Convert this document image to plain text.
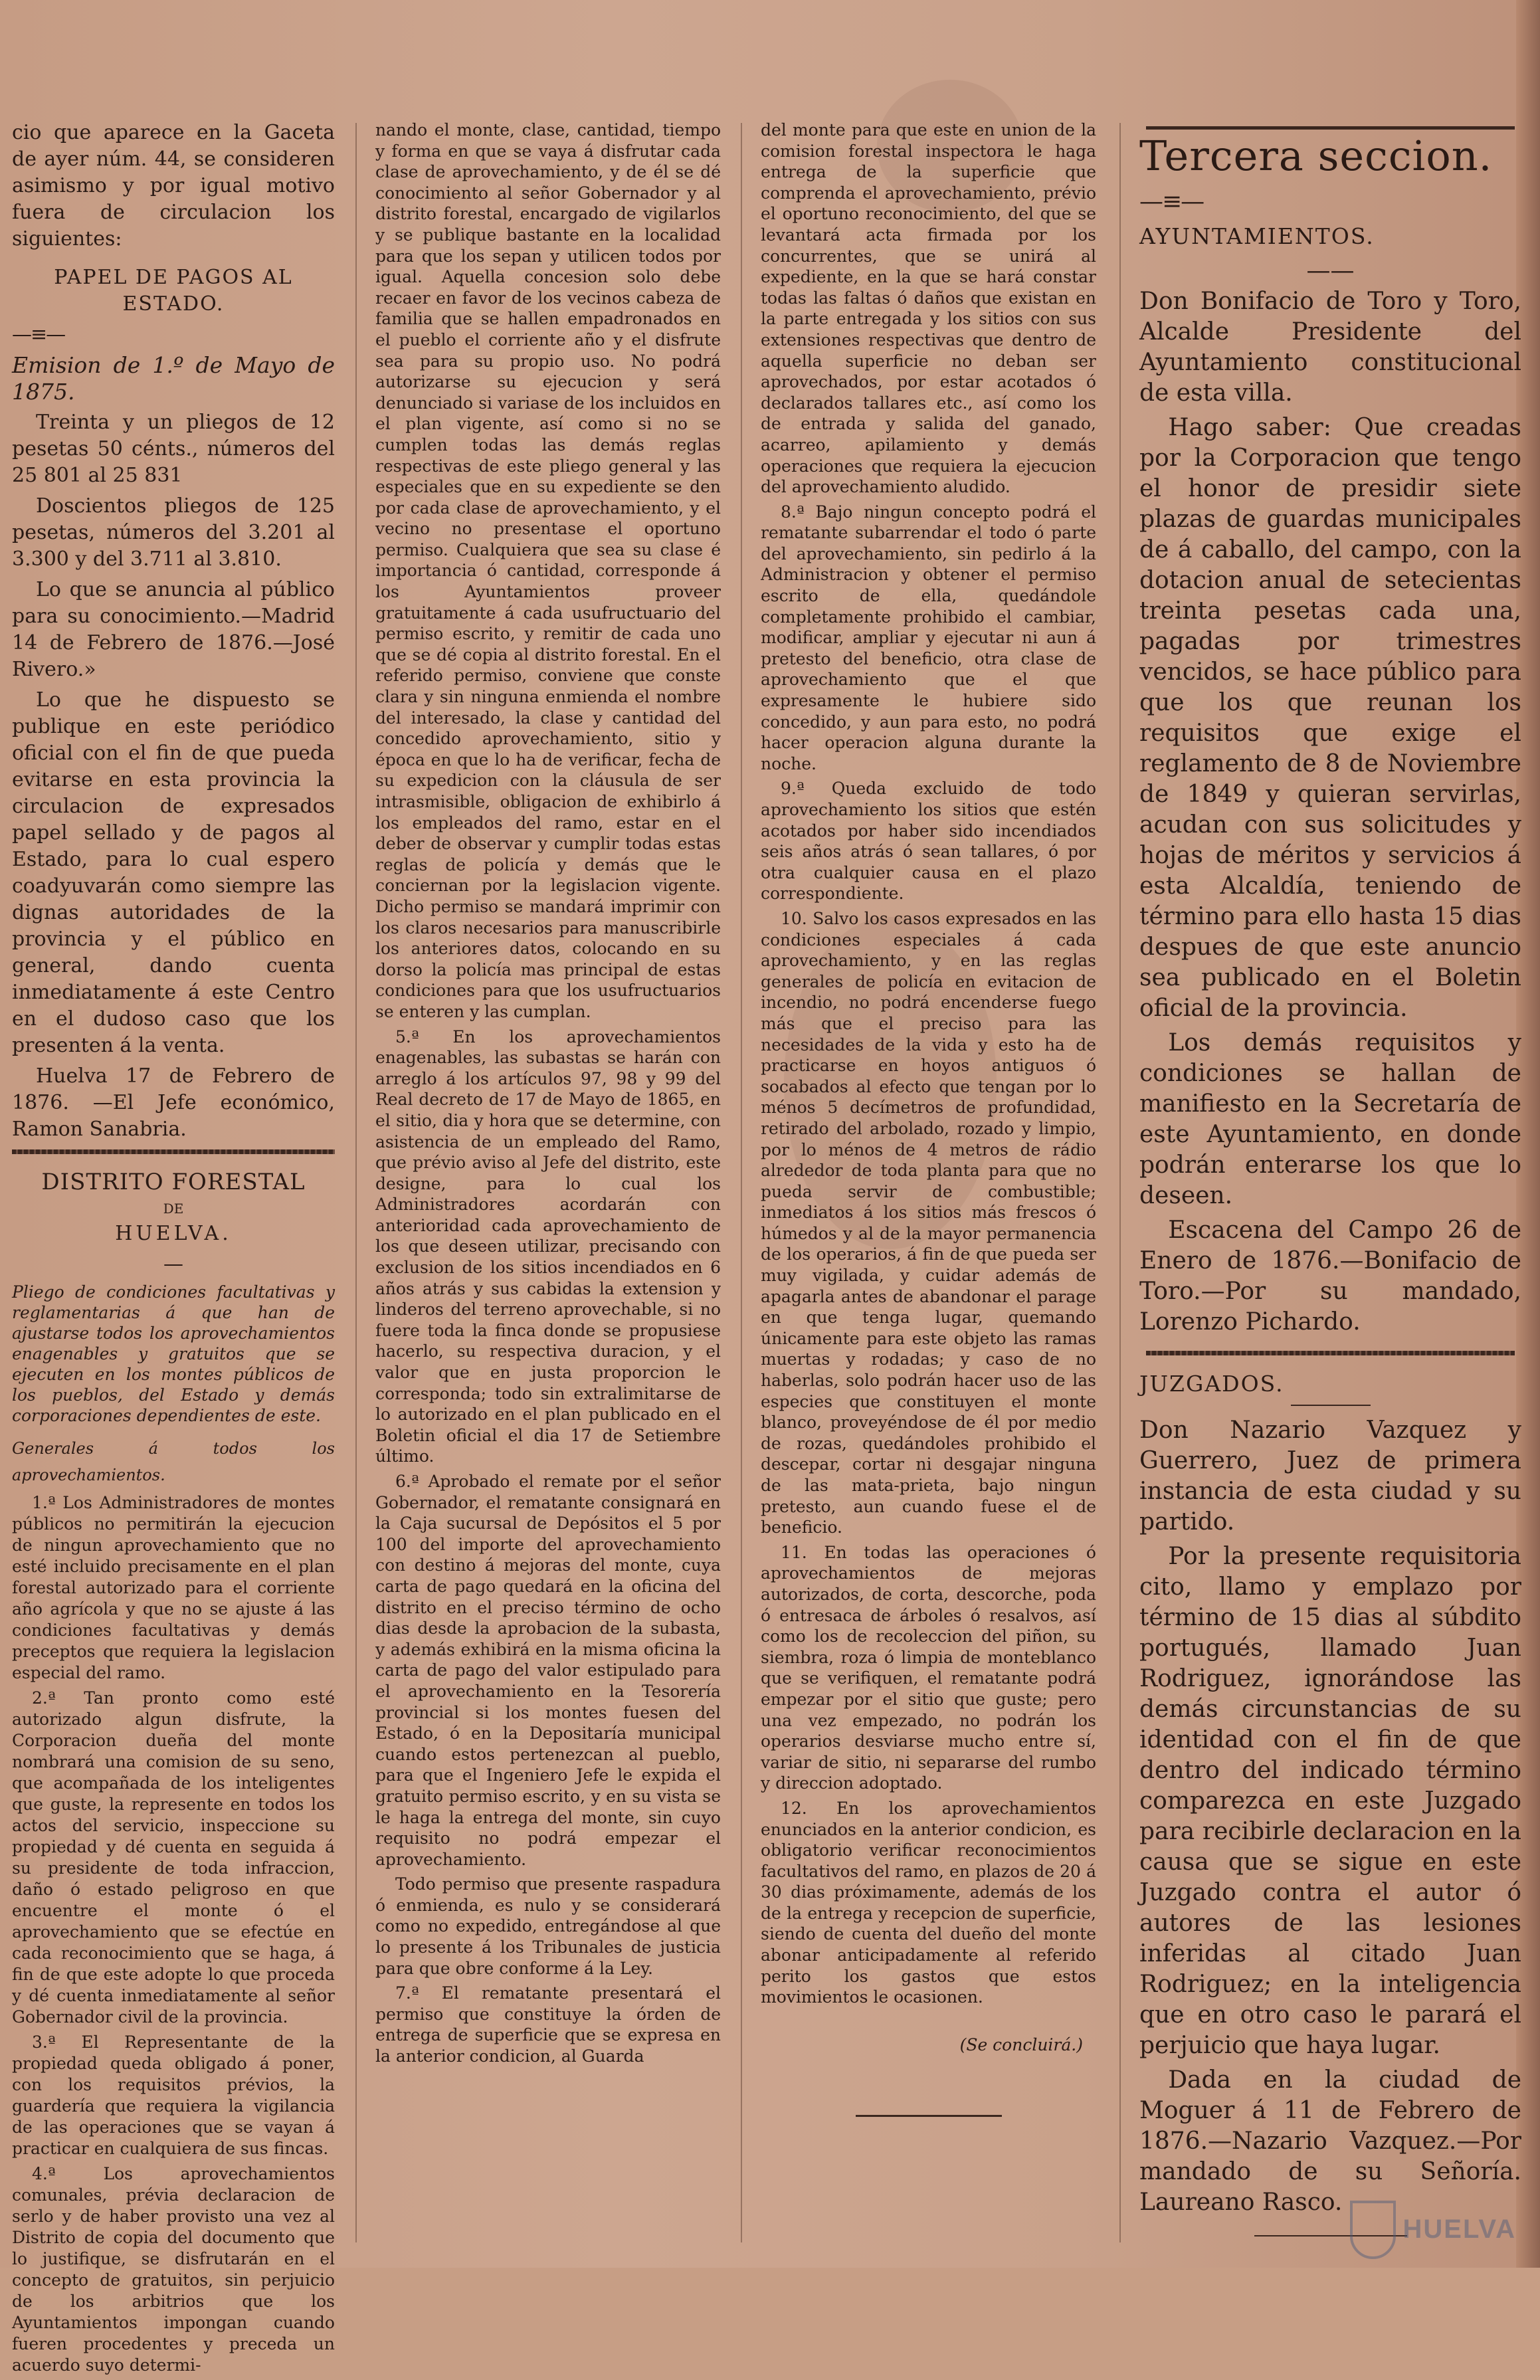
cio que aparece en la Gaceta de ayer núm. 44, se consideren asimismo y por igual motivo fuera de circulacion los siguientes:

PAPEL DE PAGOS AL ESTADO.

—≡—

Emision de 1.º de Mayo de 1875.

Treinta y un pliegos de 12 pesetas 50 cénts., números del 25 801 al 25 831

Doscientos pliegos de 125 pesetas, números del 3.201 al 3.300 y del 3.711 al 3.810.

Lo que se anuncia al público para su conocimiento.—Madrid 14 de Febrero de 1876.—José Rivero.»

Lo que he dispuesto se publique en este periódico oficial con el fin de que pueda evitarse en esta provincia la circulacion de expresados papel sellado y de pagos al Estado, para lo cual espero coadyuvarán como siempre las dignas autoridades de la provincia y el público en general, dando cuenta inmediatamente á este Centro en el dudoso caso que los presenten á la venta.

Huelva 17 de Febrero de 1876. —El Jefe económico, Ramon Sanabria.

DISTRITO FORESTAL

DE

HUELVA.

—

Pliego de condiciones facultativas y reglamentarias á que han de ajustarse todos los aprovechamientos enagenables y gratuitos que se ejecuten en los montes públicos de los pueblos, del Estado y demás corporaciones dependientes de este.

Generales á todos los aprovechamientos.

1.ª Los Administradores de montes públicos no permitirán la ejecucion de ningun aprovechamiento que no esté incluido precisamente en el plan forestal autorizado para el corriente año agrícola y que no se ajuste á las condiciones facultativas y demás preceptos que requiera la legislacion especial del ramo.

2.ª Tan pronto como esté autorizado algun disfrute, la Corporacion dueña del monte nombrará una comision de su seno, que acompañada de los inteligentes que guste, la represente en todos los actos del servicio, inspeccione su propiedad y dé cuenta en seguida á su presidente de toda infraccion, daño ó estado peligroso en que encuentre el monte ó el aprovechamiento que se efectúe en cada reconocimiento que se haga, á fin de que este adopte lo que proceda y dé cuenta inmediatamente al señor Gobernador civil de la provincia.

3.ª El Representante de la propiedad queda obligado á poner, con los requisitos prévios, la guardería que requiera la vigilancia de las operaciones que se vayan á practicar en cualquiera de sus fincas.

4.ª Los aprovechamientos comunales, prévia declaracion de serlo y de haber provisto una vez al Distrito de copia del documento que lo justifique, se disfrutarán en el concepto de gratuitos, sin perjuicio de los arbitrios que los Ayuntamientos impongan cuando fueren procedentes y preceda un acuerdo suyo determi-

nando el monte, clase, cantidad, tiempo y forma en que se vaya á disfrutar cada clase de aprovechamiento, y de él se dé conocimiento al señor Gobernador y al distrito forestal, encargado de vigilarlos y se publique bastante en la localidad para que los sepan y utilicen todos por igual. Aquella concesion solo debe recaer en favor de los vecinos cabeza de familia que se hallen empadronados en el pueblo el corriente año y el disfrute sea para su propio uso. No podrá autorizarse su ejecucion y será denunciado si variase de los incluidos en el plan vigente, así como si no se cumplen todas las demás reglas respectivas de este pliego general y las especiales que en su expediente se den por cada clase de aprovechamiento, y el vecino no presentase el oportuno permiso. Cualquiera que sea su clase é importancia ó cantidad, corresponde á los Ayuntamientos proveer gratuitamente á cada usufructuario del permiso escrito, y remitir de cada uno que se dé copia al distrito forestal. En el referido permiso, conviene que conste clara y sin ninguna enmienda el nombre del interesado, la clase y cantidad del concedido aprovechamiento, sitio y época en que lo ha de verificar, fecha de su expedicion con la cláusula de ser intrasmisible, obligacion de exhibirlo á los empleados del ramo, estar en el deber de observar y cumplir todas estas reglas de policía y demás que le conciernan por la legislacion vigente. Dicho permiso se mandará imprimir con los claros necesarios para manuscribirle los anteriores datos, colocando en su dorso la policía mas principal de estas condiciones para que los usufructuarios se enteren y las cumplan.

5.ª En los aprovechamientos enagenables, las subastas se harán con arreglo á los artículos 97, 98 y 99 del Real decreto de 17 de Mayo de 1865, en el sitio, dia y hora que se determine, con asistencia de un empleado del Ramo, que prévio aviso al Jefe del distrito, este designe, para lo cual los Administradores acordarán con anterioridad cada aprovechamiento de los que deseen utilizar, precisando con exclusion de los sitios incendiados en 6 años atrás y sus cabidas la extension y linderos del terreno aprovechable, si no fuere toda la finca donde se propusiese hacerlo, su respectiva duracion, y el valor que en justa proporcion le corresponda; todo sin extralimitarse de lo autorizado en el plan publicado en el Boletin oficial el dia 17 de Setiembre último.

6.ª Aprobado el remate por el señor Gobernador, el rematante consignará en la Caja sucursal de Depósitos el 5 por 100 del importe del aprovechamiento con destino á mejoras del monte, cuya carta de pago quedará en la oficina del distrito en el preciso término de ocho dias desde la aprobacion de la subasta, y además exhibirá en la misma oficina la carta de pago del valor estipulado para el aprovechamiento en la Tesorería provincial si los montes fuesen del Estado, ó en la Depositaría municipal cuando estos pertenezcan al pueblo, para que el Ingeniero Jefe le expida el gratuito permiso escrito, y en su vista se le haga la entrega del monte, sin cuyo requisito no podrá empezar el aprovechamiento.

Todo permiso que presente raspadura ó enmienda, es nulo y se considerará como no expedido, entregándose al que lo presente á los Tribunales de justicia para que obre conforme á la Ley.

7.ª El rematante presentará el permiso que constituye la órden de entrega de superficie que se expresa en la anterior condicion, al Guarda

del monte para que este en union de la comision forestal inspectora le haga entrega de la superficie que comprenda el aprovechamiento, prévio el oportuno reconocimiento, del que se levantará acta firmada por los concurrentes, que se unirá al expediente, en la que se hará constar todas las faltas ó daños que existan en la parte entregada y los sitios con sus extensiones respectivas que dentro de aquella superficie no deban ser aprovechados, por estar acotados ó declarados tallares etc., así como los de entrada y salida del ganado, acarreo, apilamiento y demás operaciones que requiera la ejecucion del aprovechamiento aludido.

8.ª Bajo ningun concepto podrá el rematante subarrendar el todo ó parte del aprovechamiento, sin pedirlo á la Administracion y obtener el permiso escrito de ella, quedándole completamente prohibido el cambiar, modificar, ampliar y ejecutar ni aun á pretesto del beneficio, otra clase de aprovechamiento que el que expresamente le hubiere sido concedido, y aun para esto, no podrá hacer operacion alguna durante la noche.

9.ª Queda excluido de todo aprovechamiento los sitios que estén acotados por haber sido incendiados seis años atrás ó sean tallares, ó por otra cualquier causa en el plazo correspondiente.

10. Salvo los casos expresados en las condiciones especiales á cada aprovechamiento, y en las reglas generales de policía en evitacion de incendio, no podrá encenderse fuego más que el preciso para las necesidades de la vida y esto ha de practicarse en hoyos antiguos ó socabados al efecto que tengan por lo ménos 5 decímetros de profundidad, retirado del arbolado, rozado y limpio, por lo ménos de 4 metros de rádio alrededor de toda planta para que no pueda servir de combustible; inmediatos á los sitios más frescos ó húmedos y al de la mayor permanencia de los operarios, á fin de que pueda ser muy vigilada, y cuidar además de apagarla antes de abandonar el parage en que tenga lugar, quemando únicamente para este objeto las ramas muertas y rodadas; y caso de no haberlas, solo podrán hacer uso de las especies que constituyen el monte blanco, proveyéndose de él por medio de rozas, quedándoles prohibido el descepar, cortar ni desgajar ninguna de las mata-prieta, bajo ningun pretesto, aun cuando fuese el de beneficio.

11. En todas las operaciones ó aprovechamientos de mejoras autorizados, de corta, descorche, poda ó entresaca de árboles ó resalvos, así como los de recoleccion del piñon, su siembra, roza ó limpia de monteblanco que se verifiquen, el rematante podrá empezar por el sitio que guste; pero una vez empezado, no podrán los operarios desviarse mucho entre sí, variar de sitio, ni separarse del rumbo y direccion adoptado.

12. En los aprovechamientos enunciados en la anterior condicion, es obligatorio verificar reconocimientos facultativos del ramo, en plazos de 20 á 30 dias próximamente, además de los de la entrega y recepcion de superficie, siendo de cuenta del dueño del monte abonar anticipadamente al referido perito los gastos que estos movimientos le ocasionen.

(Se concluirá.)

Tercera seccion.

—≡—

AYUNTAMIENTOS.

——

Don Bonifacio de Toro y Toro, Alcalde Presidente del Ayuntamiento constitucional de esta villa.

Hago saber: Que creadas por la Corporacion que tengo el honor de presidir siete plazas de guardas municipales de á caballo, del campo, con la dotacion anual de setecientas treinta pesetas cada una, pagadas por trimestres vencidos, se hace público para que los que reunan los requisitos que exige el reglamento de 8 de Noviembre de 1849 y quieran servirlas, acudan con sus solicitudes y hojas de méritos y servicios á esta Alcaldía, teniendo de término para ello hasta 15 dias despues de que este anuncio sea publicado en el Boletin oficial de la provincia.

Los demás requisitos y condiciones se hallan de manifiesto en la Secretaría de este Ayuntamiento, en donde podrán enterarse los que lo deseen.

Escacena del Campo 26 de Enero de 1876.—Bonifacio de Toro.—Por su mandado, Lorenzo Pichardo.

JUZGADOS.

Don Nazario Vazquez y Guerrero, Juez de primera instancia de esta ciudad y su partido.

Por la presente requisitoria cito, llamo y emplazo por término de 15 dias al súbdito portugués, llamado Juan Rodriguez, ignorándose las demás circunstancias de su identidad con el fin de que dentro del indicado término comparezca en este Juzgado para recibirle declaracion en la causa que se sigue en este Juzgado contra el autor ó autores de las lesiones inferidas al citado Juan Rodriguez; en la inteligencia que en otro caso le parará el perjuicio que haya lugar.

Dada en la ciudad de Moguer á 11 de Febrero de 1876.—Nazario Vazquez.—Por mandado de su Señoría. Laureano Rasco.

HUELVA
